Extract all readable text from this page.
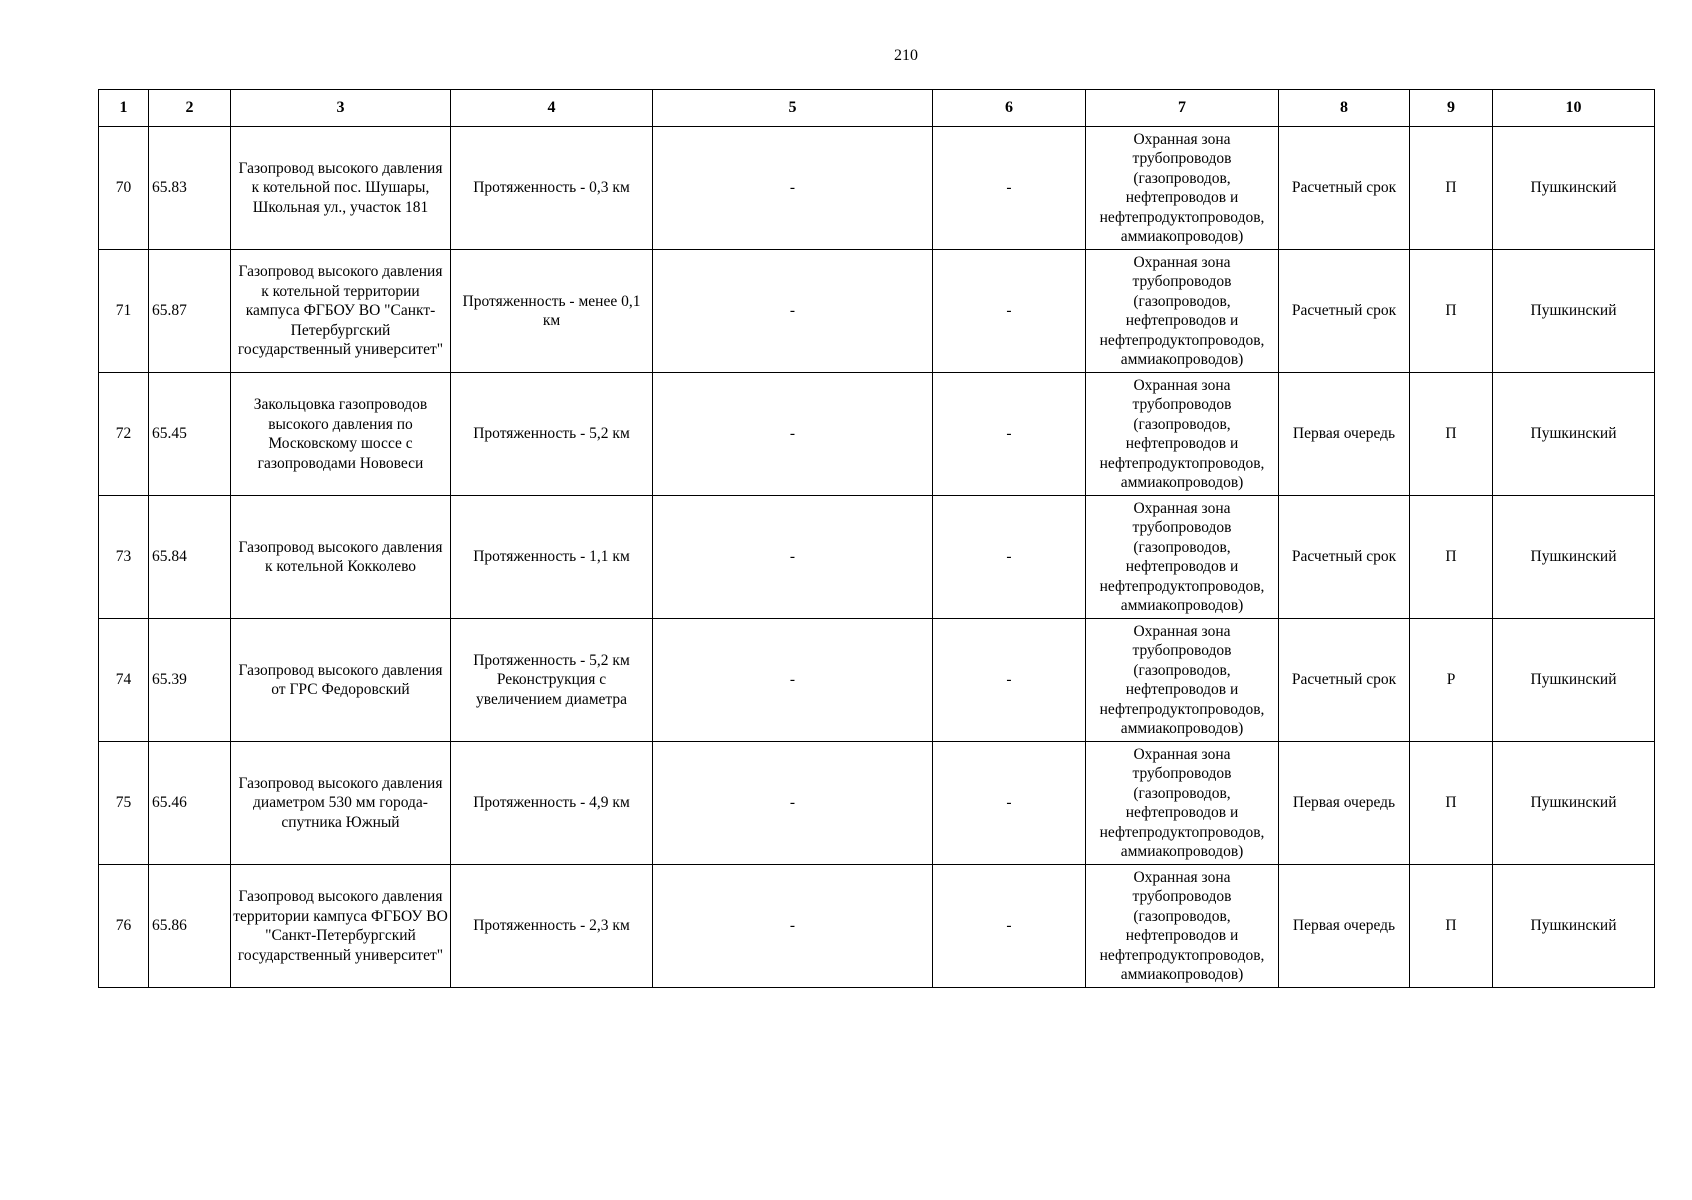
210
1	2	3	4	5	6	7	8	9	10
70	65.83	Газопровод высокого давления к котельной пос. Шушары, Школьная ул., участок 181	Протяженность - 0,3 км	-	-	Охранная зона трубопроводов (газопроводов, нефтепроводов и нефтепродуктопроводов, аммиакопроводов)	Расчетный срок	П	Пушкинский
71	65.87	Газопровод высокого давления к котельной территории кампуса ФГБОУ ВО "Санкт-Петербургский государственный университет"	Протяженность - менее 0,1 км	-	-	Охранная зона трубопроводов (газопроводов, нефтепроводов и нефтепродуктопроводов, аммиакопроводов)	Расчетный срок	П	Пушкинский
72	65.45	Закольцовка газопроводов высокого давления по Московскому шоссе с газопроводами Нововеси	Протяженность - 5,2 км	-	-	Охранная зона трубопроводов (газопроводов, нефтепроводов и нефтепродуктопроводов, аммиакопроводов)	Первая очередь	П	Пушкинский
73	65.84	Газопровод высокого давления к котельной Кокколево	Протяженность - 1,1 км	-	-	Охранная зона трубопроводов (газопроводов, нефтепроводов и нефтепродуктопроводов, аммиакопроводов)	Расчетный срок	П	Пушкинский
74	65.39	Газопровод высокого давления от ГРС Федоровский	Протяженность - 5,2 км Реконструкция с увеличением диаметра	-	-	Охранная зона трубопроводов (газопроводов, нефтепроводов и нефтепродуктопроводов, аммиакопроводов)	Расчетный срок	Р	Пушкинский
75	65.46	Газопровод высокого давления диаметром 530 мм города-спутника Южный	Протяженность - 4,9 км	-	-	Охранная зона трубопроводов (газопроводов, нефтепроводов и нефтепродуктопроводов, аммиакопроводов)	Первая очередь	П	Пушкинский
76	65.86	Газопровод высокого давления территории кампуса ФГБОУ ВО "Санкт-Петербургский государственный университет"	Протяженность - 2,3 км	-	-	Охранная зона трубопроводов (газопроводов, нефтепроводов и нефтепродуктопроводов, аммиакопроводов)	Первая очередь	П	Пушкинский
